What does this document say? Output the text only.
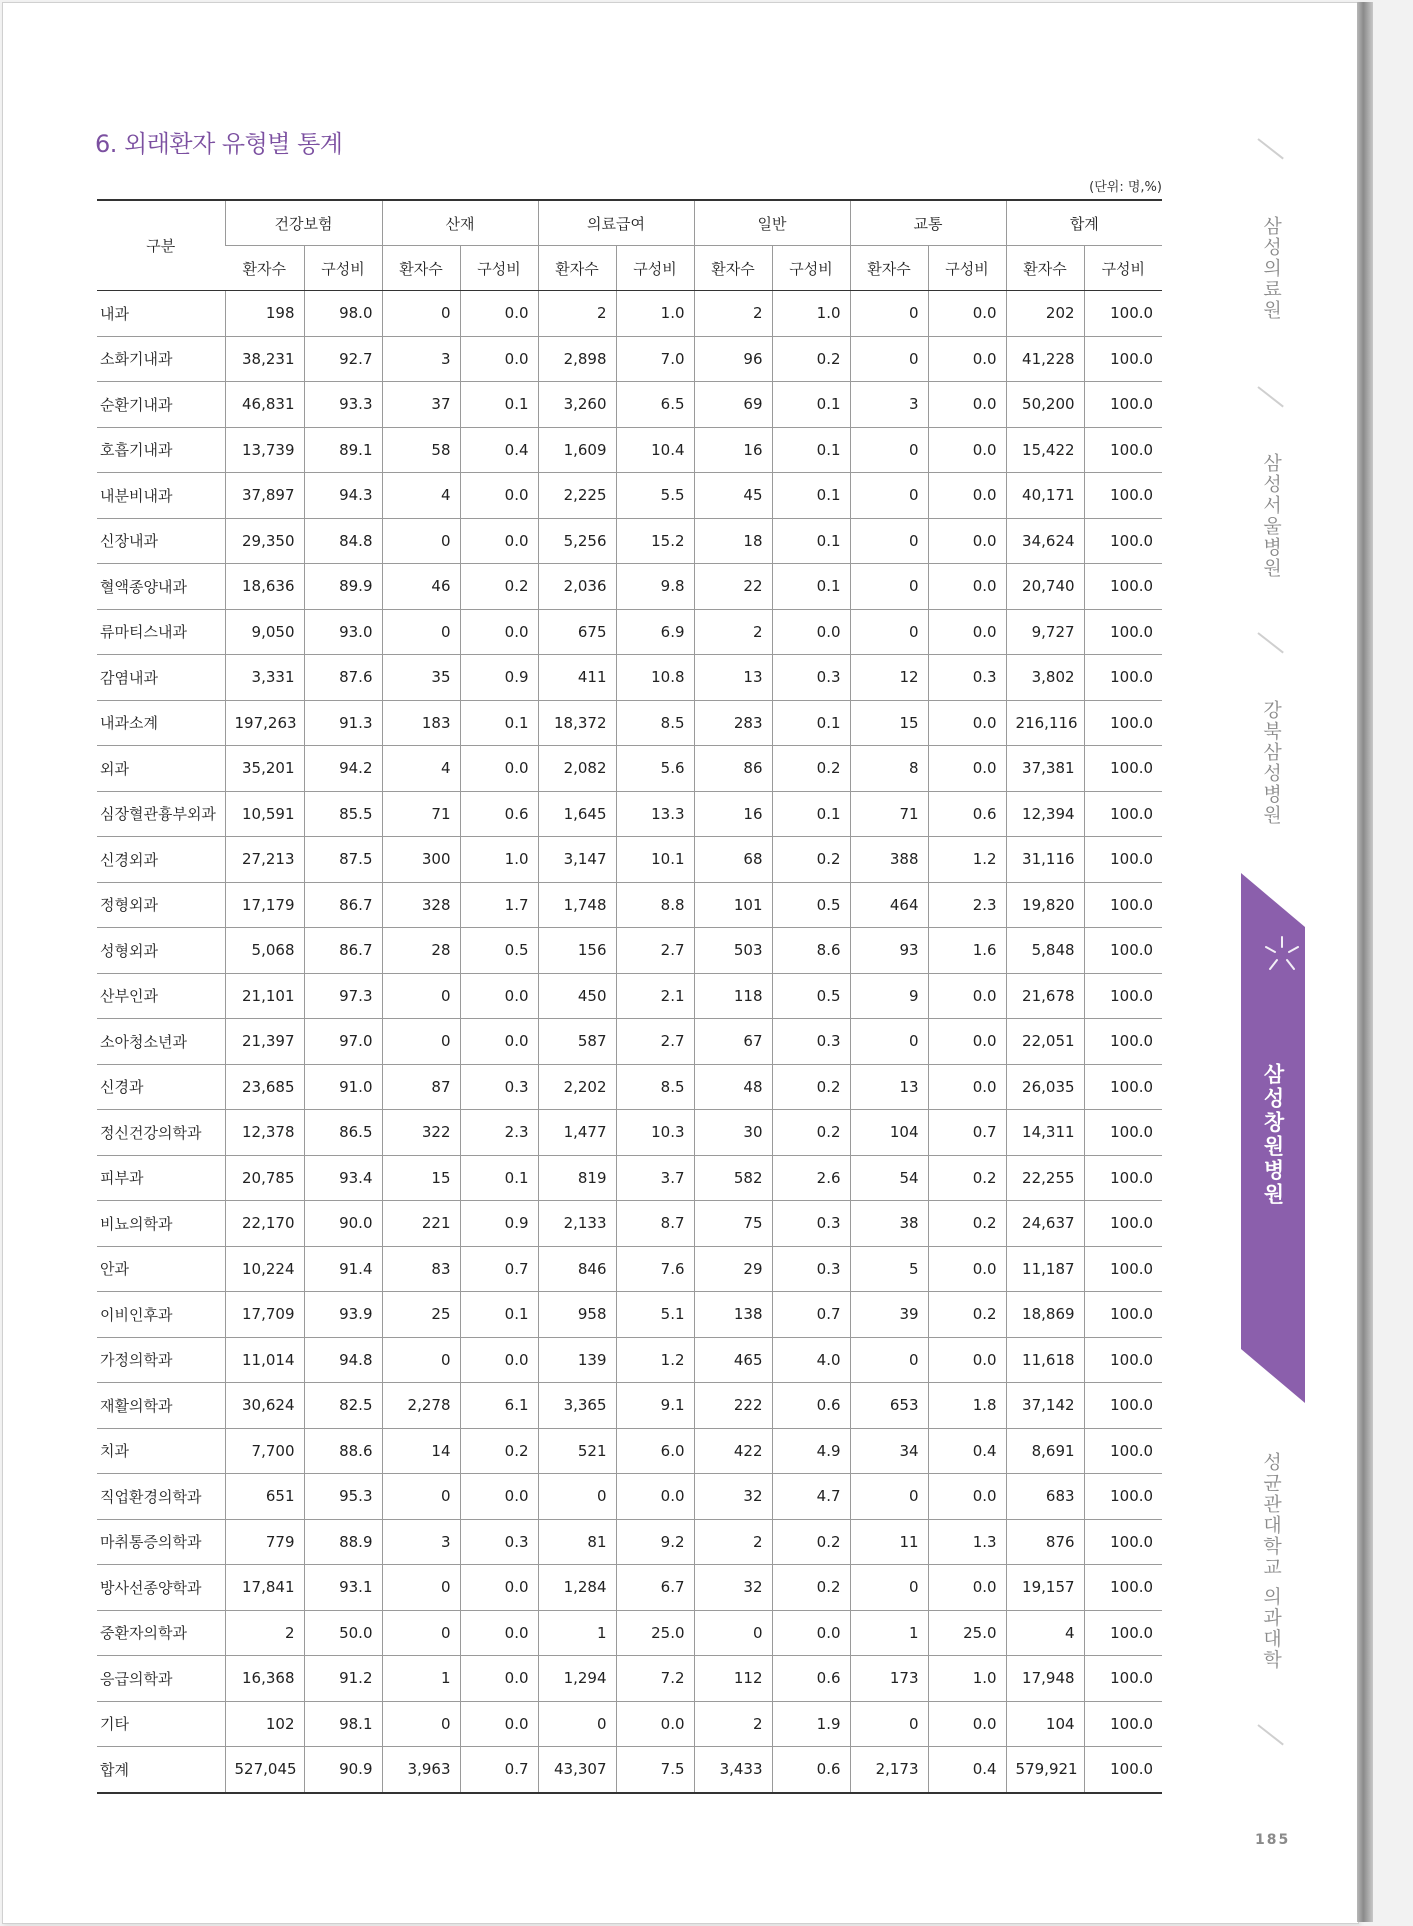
6. 외래환자 유형별 통계
(단위: 명,%)
구분	건강보험		산재		의료급여		일반		교통		합계	
	환자수	구성비	환자수	구성비	환자수	구성비	환자수	구성비	환자수	구성비	환자수	구성비
내과	198	98.0	0	0.0	2	1.0	2	1.0	0	0.0	202	100.0
소화기내과	38,231	92.7	3	0.0	2,898	7.0	96	0.2	0	0.0	41,228	100.0
순환기내과	46,831	93.3	37	0.1	3,260	6.5	69	0.1	3	0.0	50,200	100.0
호흡기내과	13,739	89.1	58	0.4	1,609	10.4	16	0.1	0	0.0	15,422	100.0
내분비내과	37,897	94.3	4	0.0	2,225	5.5	45	0.1	0	0.0	40,171	100.0
신장내과	29,350	84.8	0	0.0	5,256	15.2	18	0.1	0	0.0	34,624	100.0
혈액종양내과	18,636	89.9	46	0.2	2,036	9.8	22	0.1	0	0.0	20,740	100.0
류마티스내과	9,050	93.0	0	0.0	675	6.9	2	0.0	0	0.0	9,727	100.0
감염내과	3,331	87.6	35	0.9	411	10.8	13	0.3	12	0.3	3,802	100.0
내과소계	197,263	91.3	183	0.1	18,372	8.5	283	0.1	15	0.0	216,116	100.0
외과	35,201	94.2	4	0.0	2,082	5.6	86	0.2	8	0.0	37,381	100.0
심장혈관흉부외과	10,591	85.5	71	0.6	1,645	13.3	16	0.1	71	0.6	12,394	100.0
신경외과	27,213	87.5	300	1.0	3,147	10.1	68	0.2	388	1.2	31,116	100.0
정형외과	17,179	86.7	328	1.7	1,748	8.8	101	0.5	464	2.3	19,820	100.0
성형외과	5,068	86.7	28	0.5	156	2.7	503	8.6	93	1.6	5,848	100.0
산부인과	21,101	97.3	0	0.0	450	2.1	118	0.5	9	0.0	21,678	100.0
소아청소년과	21,397	97.0	0	0.0	587	2.7	67	0.3	0	0.0	22,051	100.0
신경과	23,685	91.0	87	0.3	2,202	8.5	48	0.2	13	0.0	26,035	100.0
정신건강의학과	12,378	86.5	322	2.3	1,477	10.3	30	0.2	104	0.7	14,311	100.0
피부과	20,785	93.4	15	0.1	819	3.7	582	2.6	54	0.2	22,255	100.0
비뇨의학과	22,170	90.0	221	0.9	2,133	8.7	75	0.3	38	0.2	24,637	100.0
안과	10,224	91.4	83	0.7	846	7.6	29	0.3	5	0.0	11,187	100.0
이비인후과	17,709	93.9	25	0.1	958	5.1	138	0.7	39	0.2	18,869	100.0
가정의학과	11,014	94.8	0	0.0	139	1.2	465	4.0	0	0.0	11,618	100.0
재활의학과	30,624	82.5	2,278	6.1	3,365	9.1	222	0.6	653	1.8	37,142	100.0
치과	7,700	88.6	14	0.2	521	6.0	422	4.9	34	0.4	8,691	100.0
직업환경의학과	651	95.3	0	0.0	0	0.0	32	4.7	0	0.0	683	100.0
마취통증의학과	779	88.9	3	0.3	81	9.2	2	0.2	11	1.3	876	100.0
방사선종양학과	17,841	93.1	0	0.0	1,284	6.7	32	0.2	0	0.0	19,157	100.0
중환자의학과	2	50.0	0	0.0	1	25.0	0	0.0	1	25.0	4	100.0
응급의학과	16,368	91.2	1	0.0	1,294	7.2	112	0.6	173	1.0	17,948	100.0
기타	102	98.1	0	0.0	0	0.0	2	1.9	0	0.0	104	100.0
합계	527,045	90.9	3,963	0.7	43,307	7.5	3,433	0.6	2,173	0.4	579,921	100.0
삼성의료원
삼성서울병원
강북삼성병원
삼성창원병원
성균관대학교 의과대학
185
